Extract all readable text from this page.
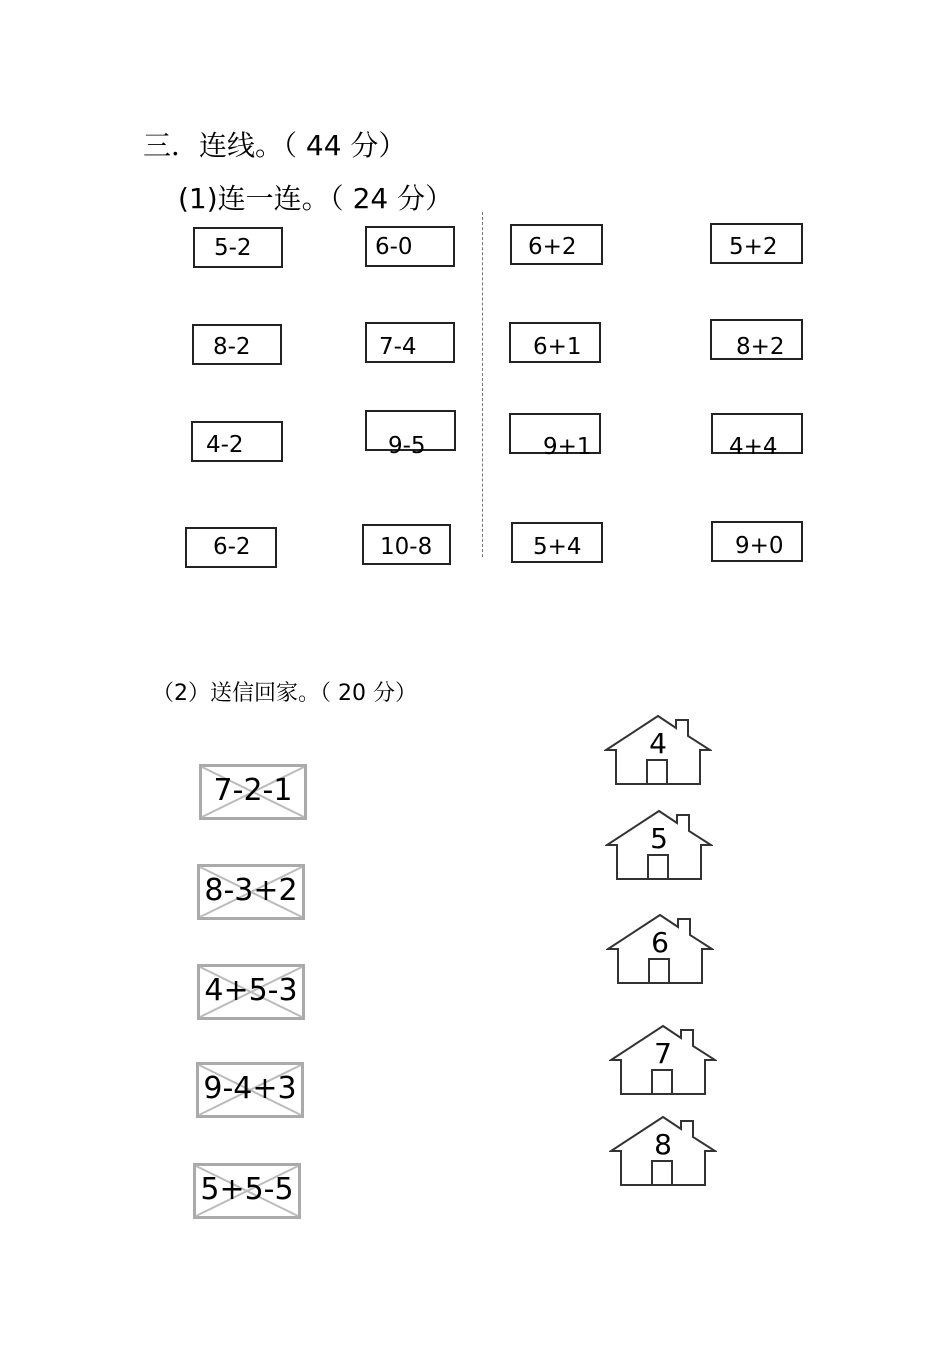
三．连线。（ 44 分）
(1)连一连。（ 24 分）
5-2	6-0	6+2	5+2
8-2	7-4	6+1	8+2
4-2	9-5	9+1	4+4
6-2	10-8	5+4	9+0
（2）送信回家。（ 20 分）
7-2-1
8-3+2
4+5-3
9-4+3
5+5-5
4
5
6
7
8
